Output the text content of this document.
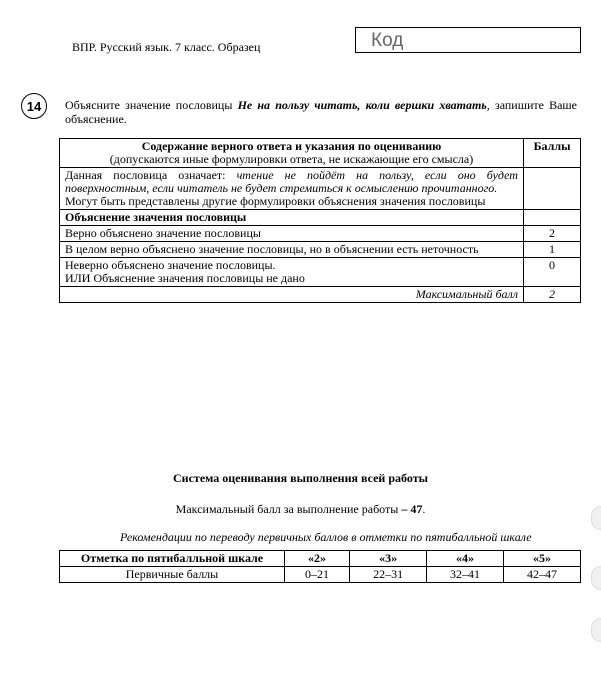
ВПР. Русский язык. 7 класс. Образец	Код
14	Объясните значение пословицы Не на пользу читать, коли вершки хватать, запишите Ваше объяснение.
Содержание верного ответа и указания по оцениванию
(допускаются иные формулировки ответа, не искажающие его смысла)	Баллы
Данная пословица означает: чтение не пойдёт на пользу, если оно будет поверхностным, если читатель не будет стремиться к осмыслению прочитанного.
Могут быть представлены другие формулировки объяснения значения пословицы	
Объяснение значения пословицы	
Верно объяснено значение пословицы	2
В целом верно объяснено значение пословицы, но в объяснении есть неточность	1
Неверно объяснено значение пословицы.
ИЛИ Объяснение значения пословицы не дано	0
Максимальный балл	2
Система оценивания выполнения всей работы
Максимальный балл за выполнение работы – 47.
Рекомендации по переводу первичных баллов в отметки по пятибалльной шкале
Отметка по пятибалльной шкале	«2»	«3»	«4»	«5»
Первичные баллы	0–21	22–31	32–41	42–47
